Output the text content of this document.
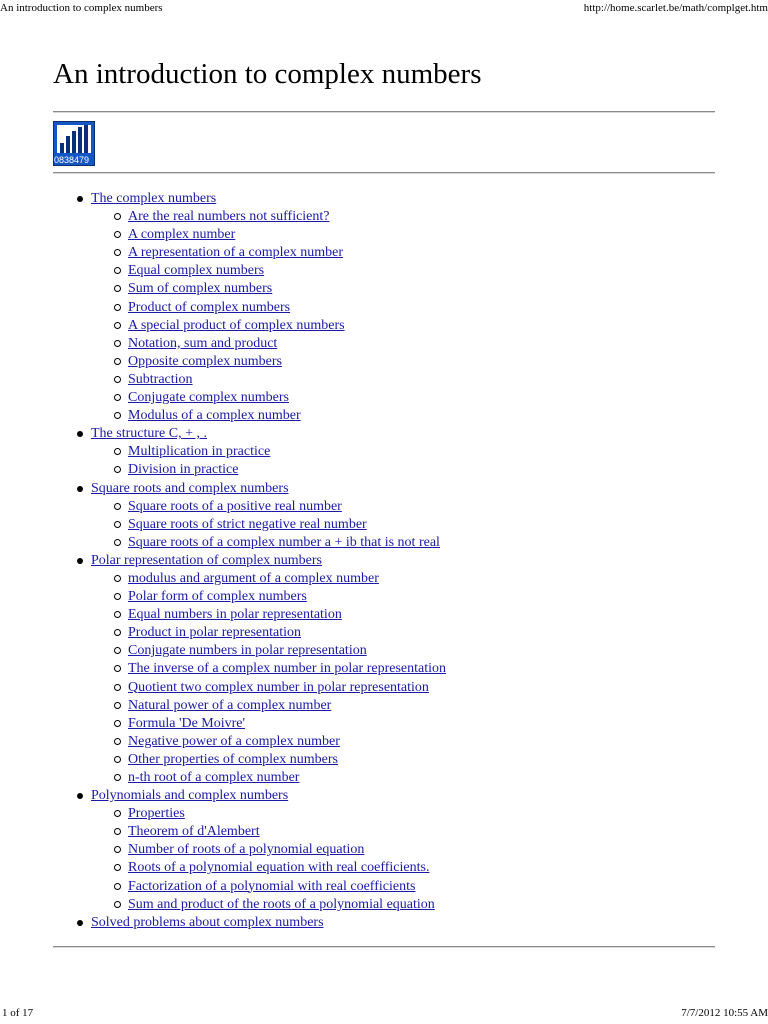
An introduction to complex numbers	http://home.scarlet.be/math/complget.htm
An introduction to complex numbers
0838479
The complex numbers
Are the real numbers not sufficient?
A complex number
A representation of a complex number
Equal complex numbers
Sum of complex numbers
Product of complex numbers
A special product of complex numbers
Notation, sum and product
Opposite complex numbers
Subtraction
Conjugate complex numbers
Modulus of a complex number
The structure C, + , .
Multiplication in practice
Division in practice
Square roots and complex numbers
Square roots of a positive real number
Square roots of strict negative real number
Square roots of a complex number a + ib that is not real
Polar representation of complex numbers
modulus and argument of a complex number
Polar form of complex numbers
Equal numbers in polar representation
Product in polar representation
Conjugate numbers in polar representation
The inverse of a complex number in polar representation
Quotient two complex number in polar representation
Natural power of a complex number
Formula 'De Moivre'
Negative power of a complex number
Other properties of complex numbers
n-th root of a complex number
Polynomials and complex numbers
Properties
Theorem of d'Alembert
Number of roots of a polynomial equation
Roots of a polynomial equation with real coefficients.
Factorization of a polynomial with real coefficients
Sum and product of the roots of a polynomial equation
Solved problems about complex numbers
1 of 17	7/7/2012 10:55 AM
